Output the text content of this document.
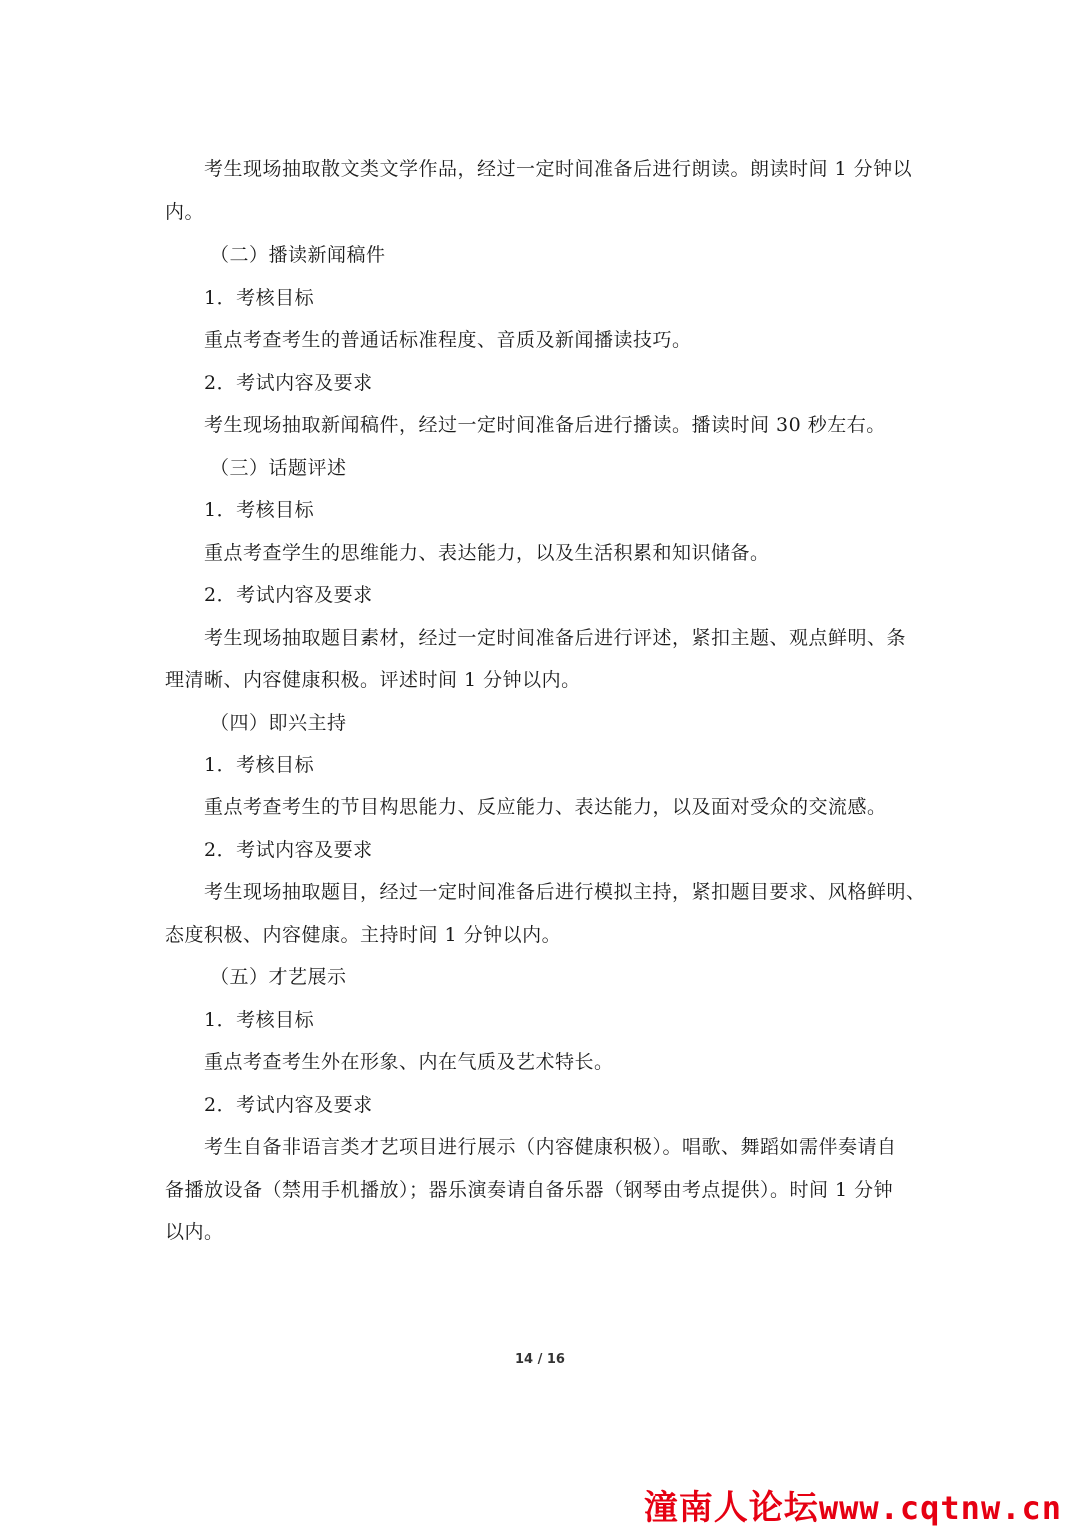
考生现场抽取散文类文学作品，经过一定时间准备后进行朗读。朗读时间 1 分钟以
内。
（二）播读新闻稿件
1．考核目标
重点考查考生的普通话标准程度、音质及新闻播读技巧。
2．考试内容及要求
考生现场抽取新闻稿件，经过一定时间准备后进行播读。播读时间 30 秒左右。
（三）话题评述
1．考核目标
重点考查学生的思维能力、表达能力，以及生活积累和知识储备。
2．考试内容及要求
考生现场抽取题目素材，经过一定时间准备后进行评述，紧扣主题、观点鲜明、条
理清晰、内容健康积极。评述时间 1 分钟以内。
（四）即兴主持
1．考核目标
重点考查考生的节目构思能力、反应能力、表达能力，以及面对受众的交流感。
2．考试内容及要求
考生现场抽取题目，经过一定时间准备后进行模拟主持，紧扣题目要求、风格鲜明、
态度积极、内容健康。主持时间 1 分钟以内。
（五）才艺展示
1．考核目标
重点考查考生外在形象、内在气质及艺术特长。
2．考试内容及要求
考生自备非语言类才艺项目进行展示（内容健康积极）。唱歌、舞蹈如需伴奏请自
备播放设备（禁用手机播放）；器乐演奏请自备乐器（钢琴由考点提供）。时间 1 分钟
以内。
14 / 16
潼南人论坛www.cqtnw.cn
